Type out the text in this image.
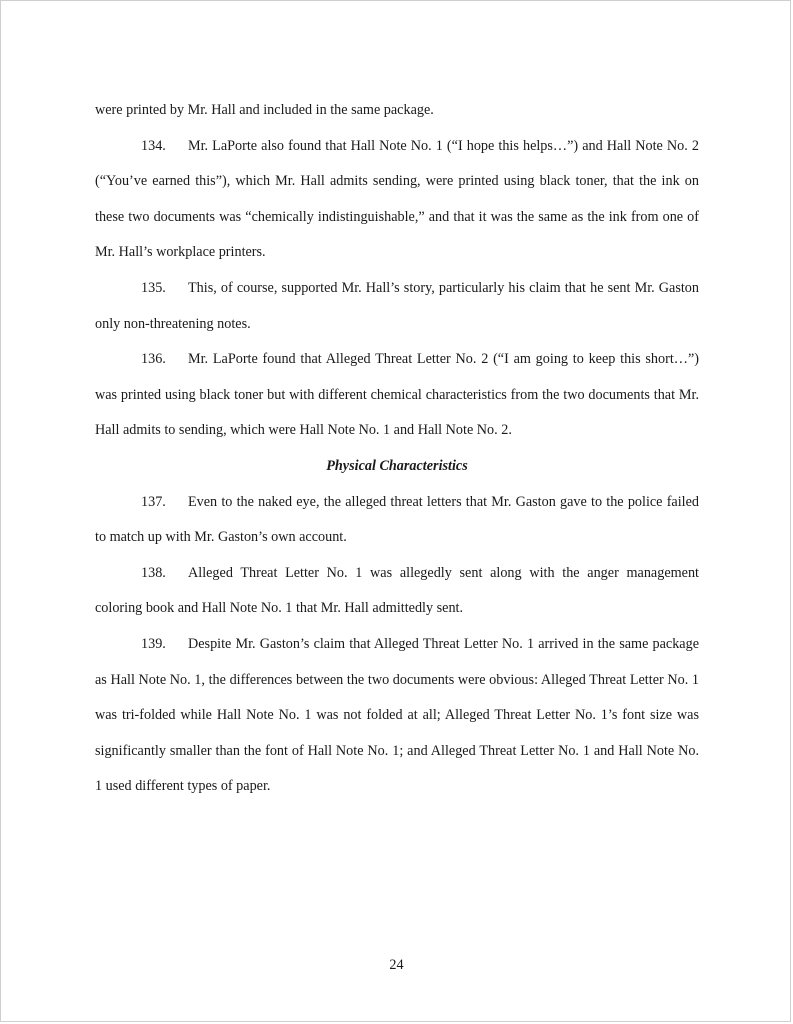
were printed by Mr. Hall and included in the same package.

134. Mr. LaPorte also found that Hall Note No. 1 (“I hope this helps…”) and Hall Note No. 2 (“You’ve earned this”), which Mr. Hall admits sending, were printed using black toner, that the ink on these two documents was “chemically indistinguishable,” and that it was the same as the ink from one of Mr. Hall’s workplace printers.

135. This, of course, supported Mr. Hall’s story, particularly his claim that he sent Mr. Gaston only non-threatening notes.

136. Mr. LaPorte found that Alleged Threat Letter No. 2 (“I am going to keep this short…”) was printed using black toner but with different chemical characteristics from the two documents that Mr. Hall admits to sending, which were Hall Note No. 1 and Hall Note No. 2.

Physical Characteristics

137. Even to the naked eye, the alleged threat letters that Mr. Gaston gave to the police failed to match up with Mr. Gaston’s own account.

138. Alleged Threat Letter No. 1 was allegedly sent along with the anger management coloring book and Hall Note No. 1 that Mr. Hall admittedly sent.

139. Despite Mr. Gaston’s claim that Alleged Threat Letter No. 1 arrived in the same package as Hall Note No. 1, the differences between the two documents were obvious: Alleged Threat Letter No. 1 was tri-folded while Hall Note No. 1 was not folded at all; Alleged Threat Letter No. 1’s font size was significantly smaller than the font of Hall Note No. 1; and Alleged Threat Letter No. 1 and Hall Note No. 1 used different types of paper.

24
